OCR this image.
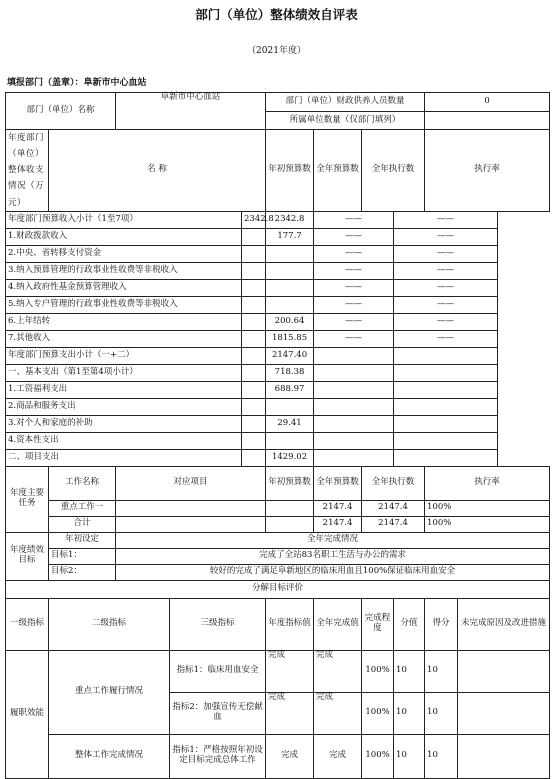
部门（单位）整体绩效自评表
（2021年度）
填报部门（盖章）：阜新市中心血站
部门（单位）名称		阜新市中心血站			部门（单位）财政供养人员数量				0	
					所属单位数量（仅部门填列）					
年度部门（单位）整体收支情况（万元）	名 称				年初预算数	全年预算数	全年执行数		执行率	
年度部门预算收入小计（1至7项）				2342.8	2342.8	——		——		
1.财政拨款收入					177.7	——		——		
2.中央、省转移支付资金						——		——		
3.纳入预算管理的行政事业性收费等非税收入						——		——		
4.纳入政府性基金预算管理收入						——		——		
5.纳入专户管理的行政事业性收费等非税收入						——		——		
6.上年结转					200.64	——		——		
7.其他收入					1815.85	——		——		
年度部门预算支出小计（一+二）					2147.40					
一、基本支出（第1至第4项小计）					718.38					
1.工资福利支出					688.97					
2.商品和服务支出										
3.对个人和家庭的补助					29.41					
4.资本性支出										
二、项目支出					1429.02					
年度主要任务	工作名称	对应项目			年初预算数	全年预算数	全年执行数		执行率	
	重点工作一					2147.4	2147.4		100%	
	合计					2147.4	2147.4		100%	
年度绩效目标	年初设定	全年完成情况								
	目标1：	完成了全站83名职工生活与办公的需求								
	目标2：	较好的完成了满足阜新地区的临床用血且100%保证临床用血安全								
分解目标评价										
一级指标	二级指标		三级指标		年度指标值	全年完成值	完成程度	分值	得分	未完成原因及改进措施
履职效能	重点工作履行情况		指标1：临床用血安全		完成	完成	100%	10	10	
			指标2：加强宣传无偿献血		完成	完成	100%	10	10	
	整体工作完成情况		指标1：严格按照年初设定目标完成总体工作		完成	完成	100%	10	10	
